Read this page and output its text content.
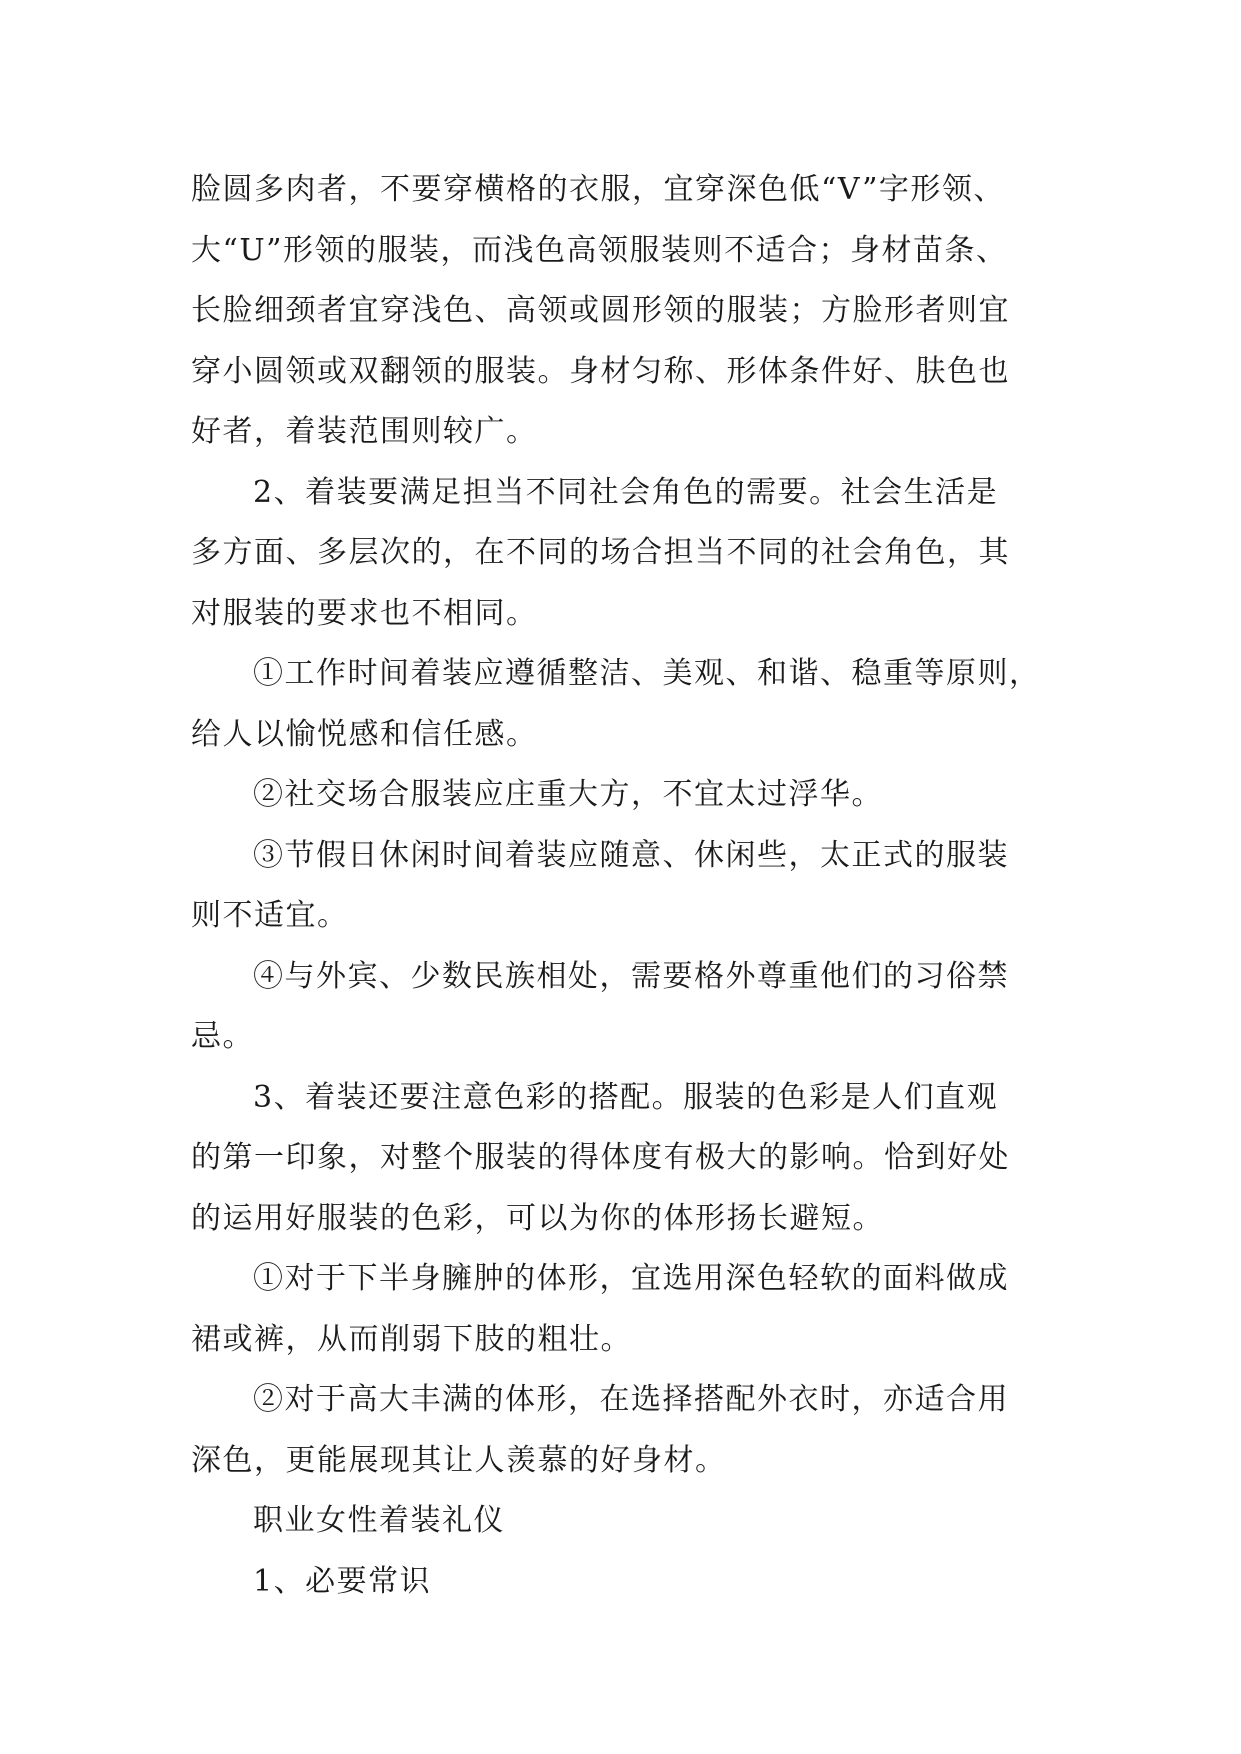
脸圆多肉者，不要穿横格的衣服，宜穿深色低“V”字形领、
大“U”形领的服装，而浅色高领服装则不适合；身材苗条、
长脸细颈者宜穿浅色、高领或圆形领的服装；方脸形者则宜
穿小圆领或双翻领的服装。身材匀称、形体条件好、肤色也
好者，着装范围则较广。
2、着装要满足担当不同社会角色的需要。社会生活是
多方面、多层次的，在不同的场合担当不同的社会角色，其
对服装的要求也不相同。
①工作时间着装应遵循整洁、美观、和谐、稳重等原则，
给人以愉悦感和信任感。
②社交场合服装应庄重大方，不宜太过浮华。
③节假日休闲时间着装应随意、休闲些，太正式的服装
则不适宜。
④与外宾、少数民族相处，需要格外尊重他们的习俗禁
忌。
3、着装还要注意色彩的搭配。服装的色彩是人们直观
的第一印象，对整个服装的得体度有极大的影响。恰到好处
的运用好服装的色彩，可以为你的体形扬长避短。
①对于下半身臃肿的体形，宜选用深色轻软的面料做成
裙或裤，从而削弱下肢的粗壮。
②对于高大丰满的体形，在选择搭配外衣时，亦适合用
深色，更能展现其让人羡慕的好身材。
职业女性着装礼仪
1、必要常识
